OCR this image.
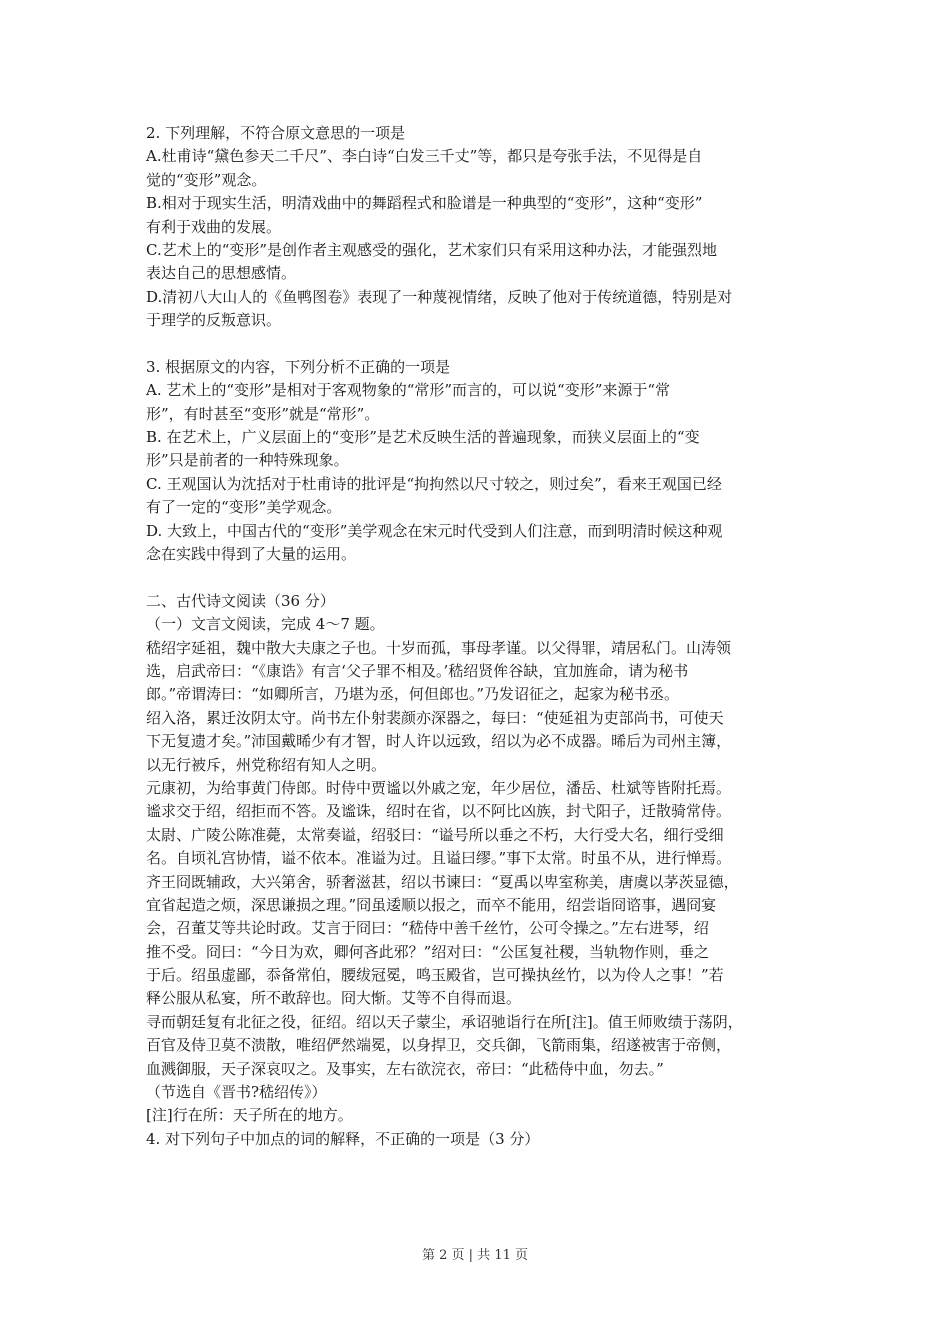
2. 下列理解，不符合原文意思的一项是
A.杜甫诗“黛色参天二千尺”、李白诗“白发三千丈”等，都只是夸张手法，不见得是自
觉的“变形”观念。
B.相对于现实生活，明清戏曲中的舞蹈程式和脸谱是一种典型的“变形”，这种“变形”
有利于戏曲的发展。
C.艺术上的“变形”是创作者主观感受的强化，艺术家们只有采用这种办法，才能强烈地
表达自己的思想感情。
D.清初八大山人的《鱼鸭图卷》表现了一种蔑视情绪，反映了他对于传统道德，特别是对
于理学的反叛意识。
3. 根据原文的内容，下列分析不正确的一项是
A. 艺术上的“变形”是相对于客观物象的“常形”而言的，可以说“变形”来源于“常
形”，有时甚至“变形”就是“常形”。
B. 在艺术上，广义层面上的“变形”是艺术反映生活的普遍现象，而狭义层面上的“变
形”只是前者的一种特殊现象。
C. 王观国认为沈括对于杜甫诗的批评是“拘拘然以尺寸较之，则过矣”，看来王观国已经
有了一定的“变形”美学观念。
D. 大致上，中国古代的“变形”美学观念在宋元时代受到人们注意，而到明清时候这种观
念在实践中得到了大量的运用。
二、古代诗文阅读（36 分）
（一）文言文阅读，完成 4～7 题。
嵇绍字延祖，魏中散大夫康之子也。十岁而孤，事母孝谨。以父得罪，靖居私门。山涛领
选，启武帝曰：“《康诰》有言‘父子罪不相及。’嵇绍贤侔谷缺，宜加旌命，请为秘书
郎。”帝谓涛曰：“如卿所言，乃堪为丞，何但郎也。”乃发诏征之，起家为秘书丞。
绍入洛，累迁汝阴太守。尚书左仆射裴颜亦深器之，每曰：“使延祖为吏部尚书，可使天
下无复遗才矣。”沛国戴晞少有才智，时人许以远致，绍以为必不成器。晞后为司州主簿，
以无行被斥，州党称绍有知人之明。
元康初，为给事黄门侍郎。时侍中贾谧以外戚之宠，年少居位，潘岳、杜斌等皆附托焉。
谧求交于绍，绍拒而不答。及谧诛，绍时在省，以不阿比凶族，封弋阳子，迁散骑常侍。
太尉、广陵公陈准薨，太常奏谥，绍驳曰：“谥号所以垂之不朽，大行受大名，细行受细
名。自顷礼宫协情，谥不依本。准谥为过。且谥曰缪。”事下太常。时虽不从，进行惮焉。
齐王冏既辅政，大兴第舍，骄奢滋甚，绍以书谏曰：“夏禹以卑室称美，唐虞以茅茨显德，
宜省起造之烦，深思谦损之理。”冏虽逶顺以报之，而卒不能用，绍尝诣冏谘事，遇冏宴
会，召董艾等共论时政。艾言于冏曰：“嵇侍中善千丝竹，公可令操之。”左右进琴，绍
推不受。冏曰：“今日为欢，卿何吝此邪？”绍对曰：“公匡复社稷，当轨物作则，垂之
于后。绍虽虚鄙，忝备常伯，腰绂冠冕，鸣玉殿省，岂可操执丝竹，以为伶人之事！”若
释公服从私宴，所不敢辞也。冏大惭。艾等不自得而退。
寻而朝廷复有北征之役，征绍。绍以天子蒙尘，承诏驰诣行在所[注]。值王师败绩于荡阴，
百官及侍卫莫不溃散，唯绍俨然端冕，以身捍卫，交兵御，飞箭雨集，绍遂被害于帝侧，
血溅御服，天子深哀叹之。及事实，左右欲浣衣，帝曰：“此嵇侍中血，勿去。”
（节选自《晋书?嵇绍传》）
[注]行在所：天子所在的地方。
4. 对下列句子中加点的词的解释，不正确的一项是（3 分）
第 2 页 | 共 11 页
